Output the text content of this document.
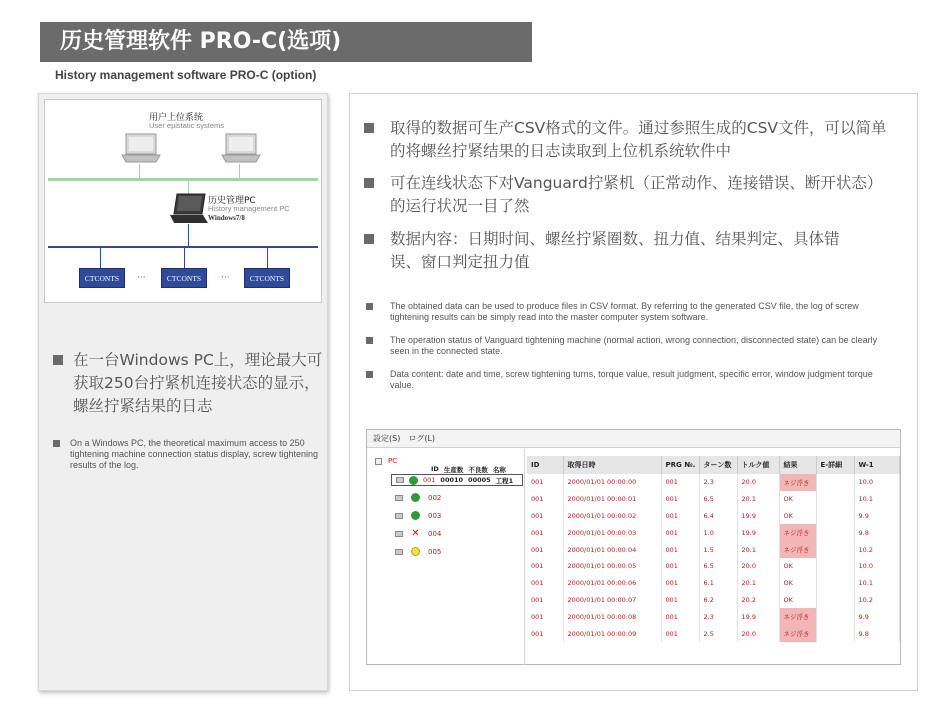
历史管理软件 PRO-C(选项)
History management software PRO-C (option)
用户上位系统
User epistatic systems
历史管理PC
History management PC
Windows7/8
CTCONTS	···	CTCONTS	···	CTCONTS
在一台Windows PC上，理论最大可获取250台拧紧机连接状态的显示，螺丝拧紧结果的日志
On a Windows PC, the theoretical maximum access to 250 tightening machine connection status display, screw tightening results of the log.
取得的数据可生产CSV格式的文件。通过参照生成的CSV文件，可以简单的将螺丝拧紧结果的日志读取到上位机系统软件中
可在连线状态下对Vanguard拧紧机（正常动作、连接错误、断开状态）的运行状况一目了然
数据内容：日期时间、螺丝拧紧圈数、扭力值、结果判定、具体错误、窗口判定扭力值
The obtained data can be used to produce files in CSV format. By referring to the generated CSV file, the log of screw tightening results can be simply read into the master computer system software.
The operation status of Vanguard tightening machine (normal action, wrong connection, disconnected state) can be clearly seen in the connected state.
Data content: date and time, screw tightening turns, torque value, result judgment, specific error, window judgment torque value.
設定(S) ログ(L)
PC
ID 生産数 不良数 名称
001 00010 00005 工程1
002
003
✕ 004
005
ID	取得日時	PRG №.	ターン数	トルク値	結果	E-詳細	W-1
001	2000/01/01 00:00:00	001	2.3	20.0	ネジ浮き		10.0
001	2000/01/01 00:00:01	001	6.5	20.1	OK		10.1
001	2000/01/01 00:00:02	001	6.4	19.9	OK		9.9
001	2000/01/01 00:00:03	001	1.0	19.9	ネジ浮き		9.8
001	2000/01/01 00:00:04	001	1.5	20.1	ネジ浮き		10.2
001	2000/01/01 00:00:05	001	6.5	20.0	OK		10.0
001	2000/01/01 00:00:06	001	6.1	20.1	OK		10.1
001	2000/01/01 00:00:07	001	6.2	20.2	OK		10.2
001	2000/01/01 00:00:08	001	2.3	19.9	ネジ浮き		9.9
001	2000/01/01 00:00:09	001	2.5	20.0	ネジ浮き		9.8
